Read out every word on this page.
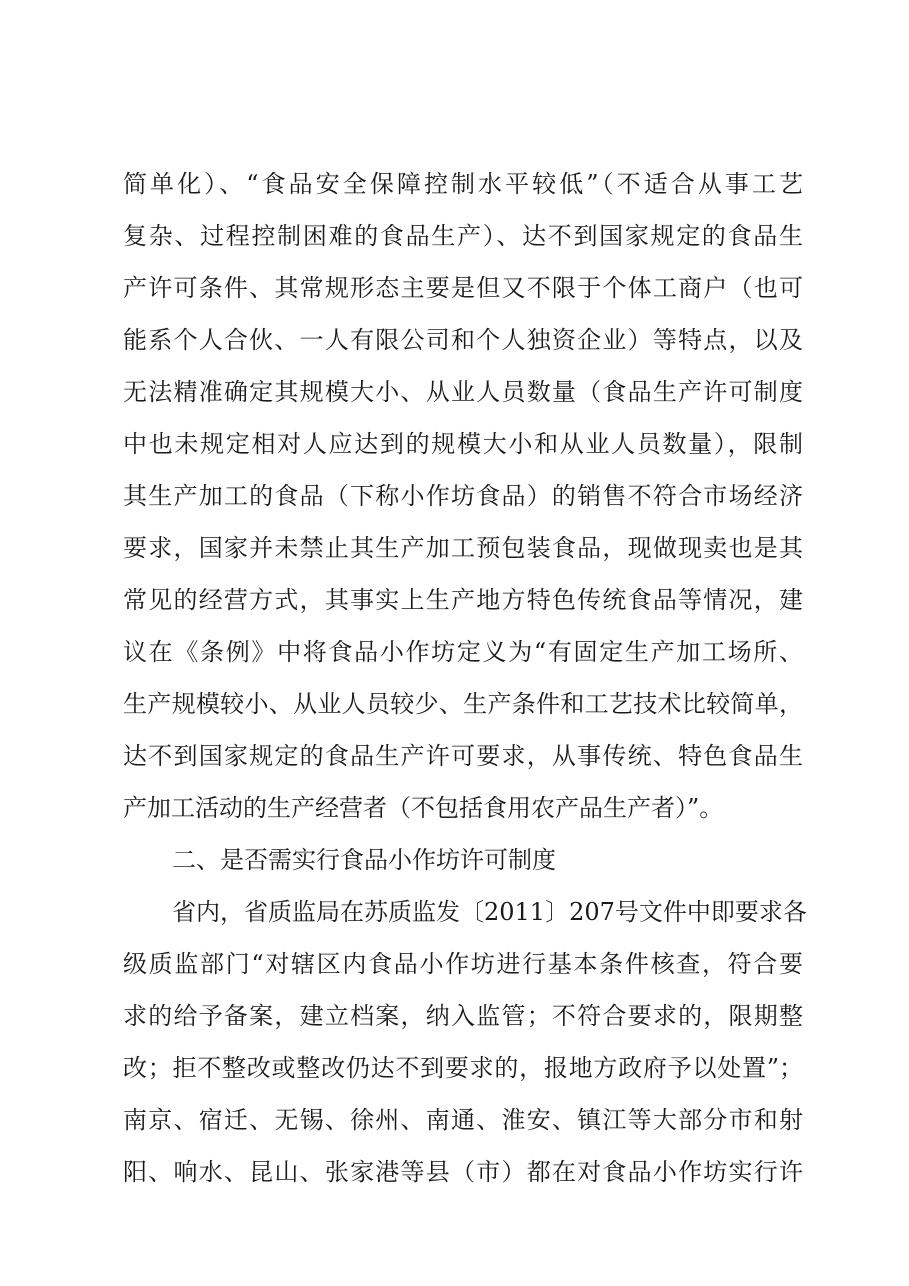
简单化）、“食品安全保障控制水平较低”（不适合从事工艺
复杂、过程控制困难的食品生产）、达不到国家规定的食品生
产许可条件、其常规形态主要是但又不限于个体工商户（也可
能系个人合伙、一人有限公司和个人独资企业）等特点，以及
无法精准确定其规模大小、从业人员数量（食品生产许可制度
中也未规定相对人应达到的规模大小和从业人员数量），限制
其生产加工的食品（下称小作坊食品）的销售不符合市场经济
要求，国家并未禁止其生产加工预包装食品，现做现卖也是其
常见的经营方式，其事实上生产地方特色传统食品等情况，建
议在《条例》中将食品小作坊定义为“有固定生产加工场所、
生产规模较小、从业人员较少、生产条件和工艺技术比较简单，
达不到国家规定的食品生产许可要求，从事传统、特色食品生
产加工活动的生产经营者（不包括食用农产品生产者）”。
二、是否需实行食品小作坊许可制度
省内，省质监局在苏质监发〔2011〕207号文件中即要求各
级质监部门“对辖区内食品小作坊进行基本条件核查，符合要
求的给予备案，建立档案，纳入监管；不符合要求的，限期整
改；拒不整改或整改仍达不到要求的，报地方政府予以处置”；
南京、宿迁、无锡、徐州、南通、淮安、镇江等大部分市和射
阳、响水、昆山、张家港等县（市）都在对食品小作坊实行许
